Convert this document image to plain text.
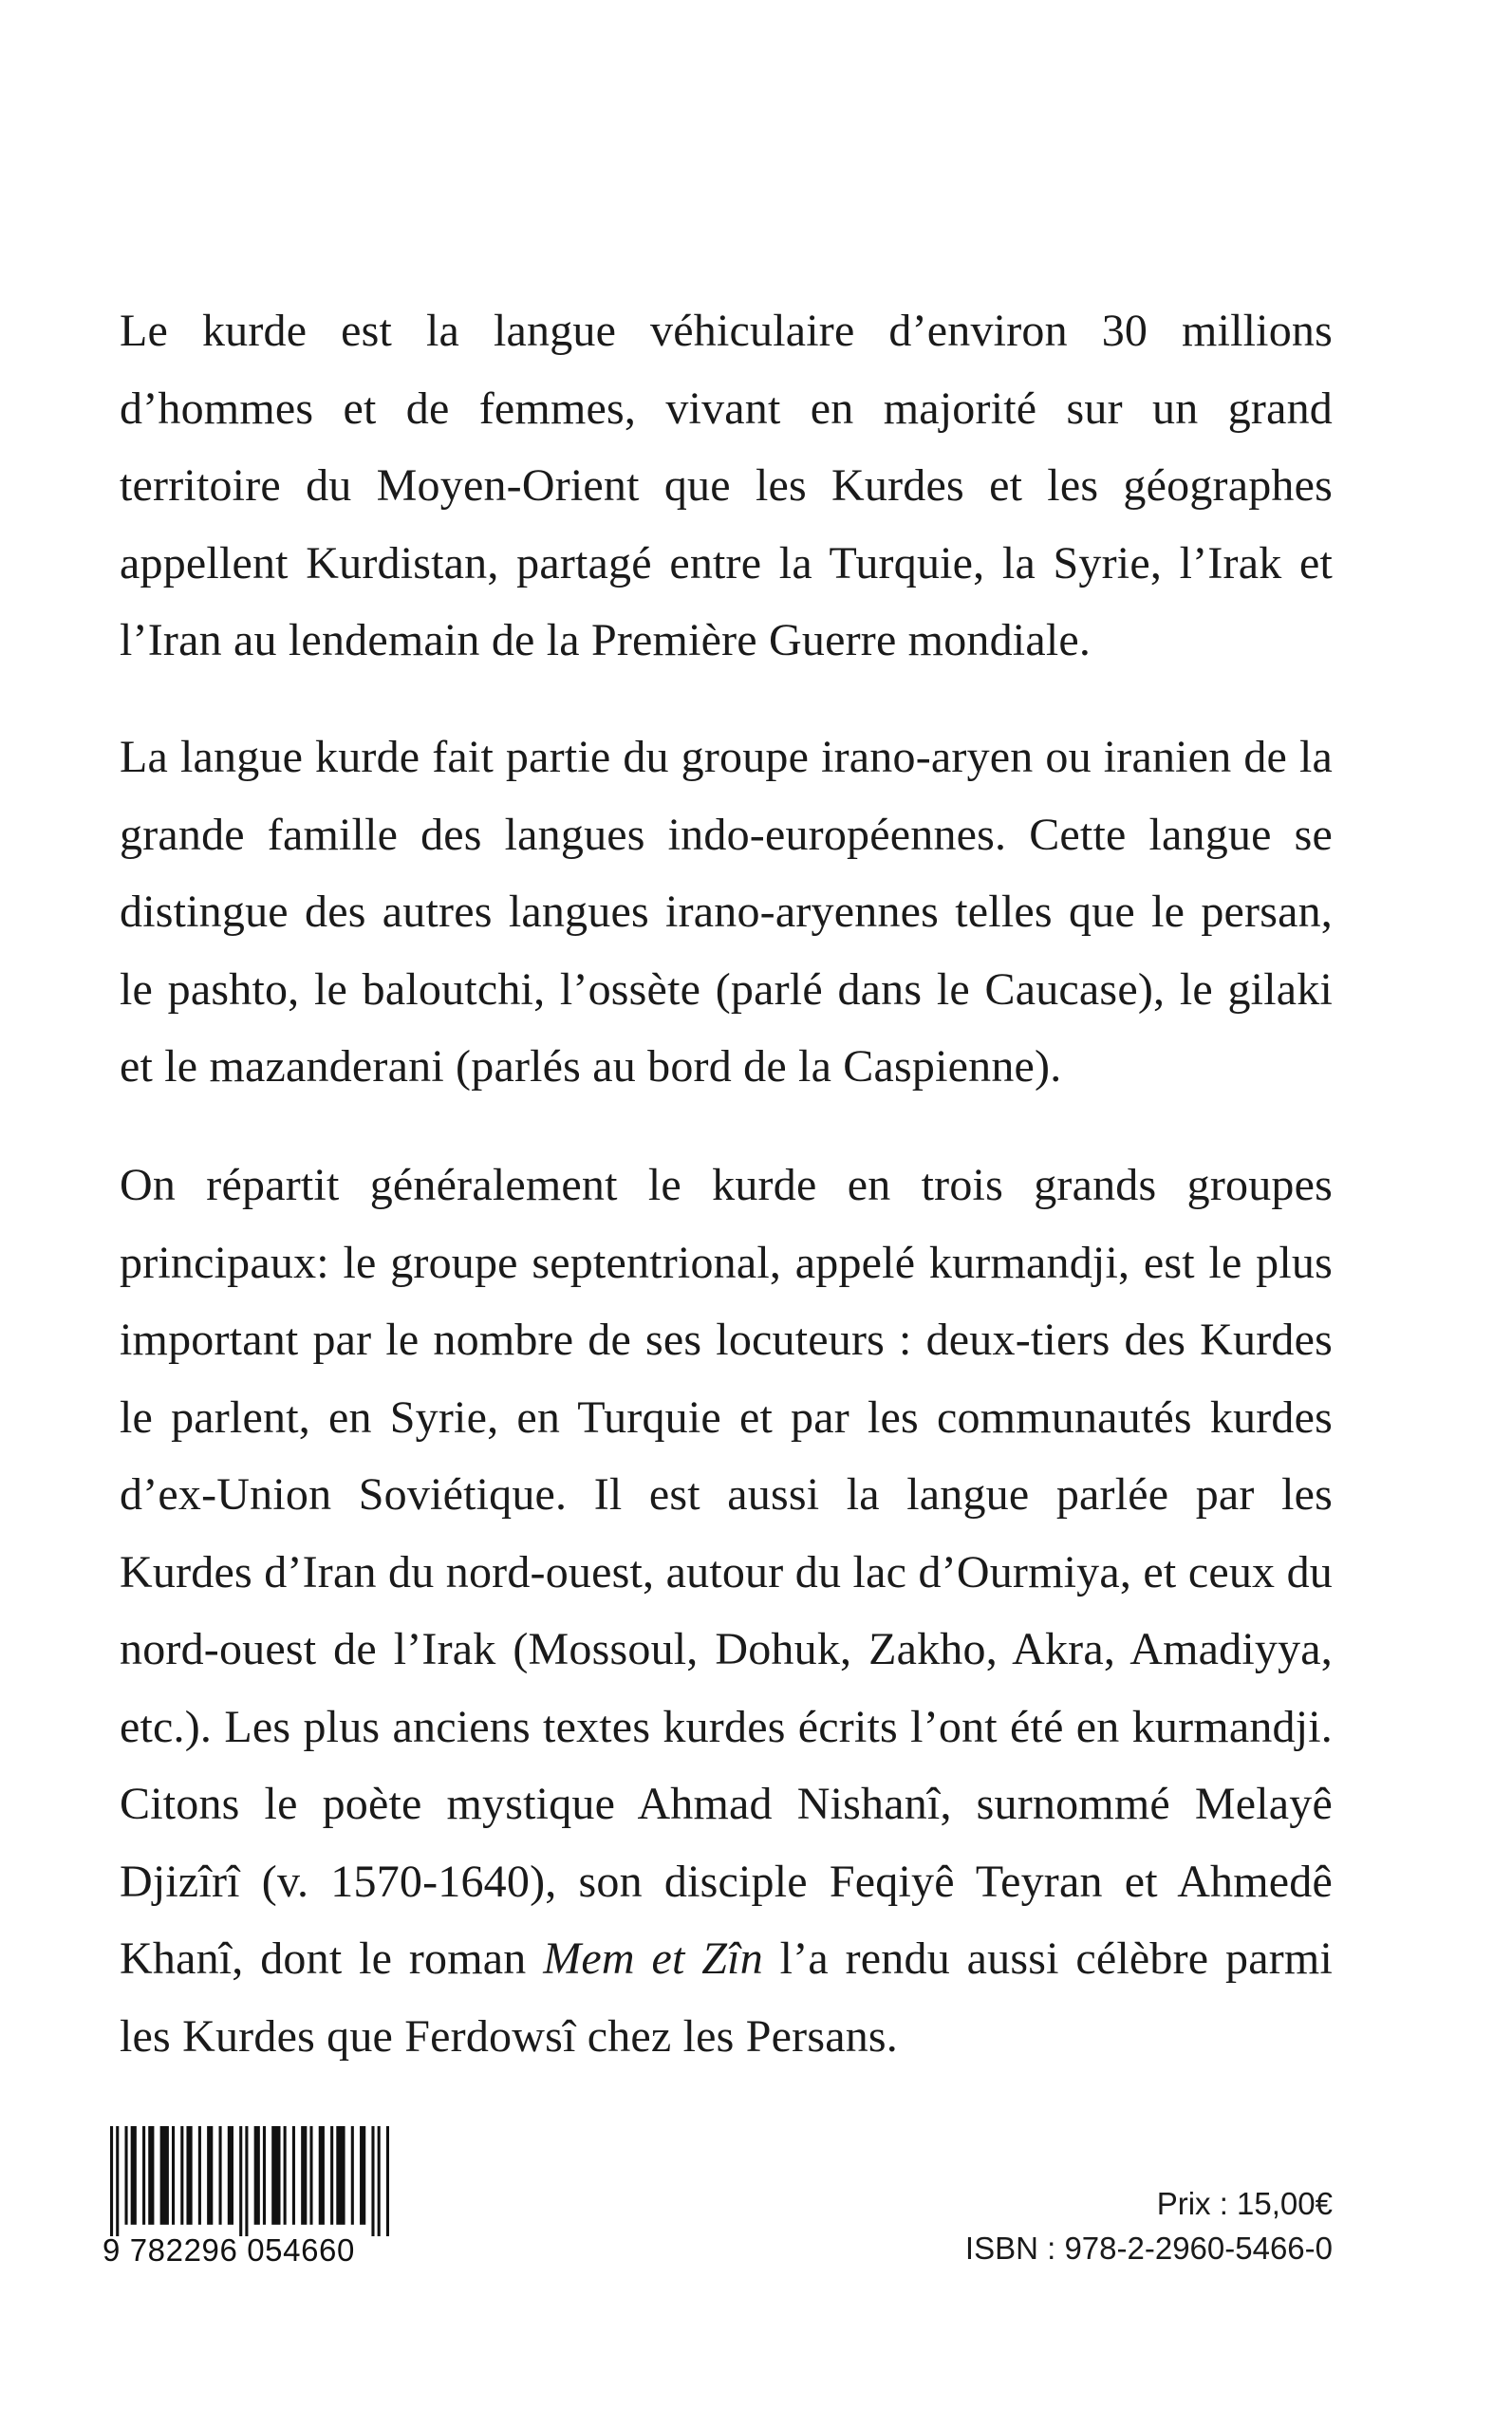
Le kurde est la langue véhiculaire d’environ 30 millions d’hommes et de femmes, vivant en majorité sur un grand territoire du Moyen-Orient que les Kurdes et les géographes appellent Kurdistan, partagé entre la Turquie, la Syrie, l’Irak et l’Iran au lendemain de la Première Guerre mondiale.
La langue kurde fait partie du groupe irano-aryen ou iranien de la grande famille des langues indo-européennes. Cette langue se distingue des autres langues irano-aryennes telles que le persan, le pashto, le baloutchi, l’ossète (parlé dans le Caucase), le gilaki et le mazanderani (parlés au bord de la Caspienne).
On répartit généralement le kurde en trois grands groupes principaux: le groupe septentrional, appelé kurmandji, est le plus important par le nombre de ses locuteurs : deux-tiers des Kurdes le parlent, en Syrie, en Turquie et par les communautés kurdes d’ex-Union Soviétique. Il est aussi la langue parlée par les Kurdes d’Iran du nord-ouest, autour du lac d’Ourmiya, et ceux du nord-ouest de l’Irak (Mossoul, Dohuk, Zakho, Akra, Amadiyya, etc.). Les plus anciens textes kurdes écrits l’ont été en kurmandji. Citons le poète mystique Ahmad Nishanî, surnommé Melayê Djizîrî (v. 1570-1640), son disciple Feqiyê Teyran et Ahmedê Khanî, dont le roman Mem et Zîn l’a rendu aussi célèbre parmi les Kurdes que Ferdowsî chez les Persans.
9 782296 054660
Prix : 15,00€
ISBN : 978-2-2960-5466-0
